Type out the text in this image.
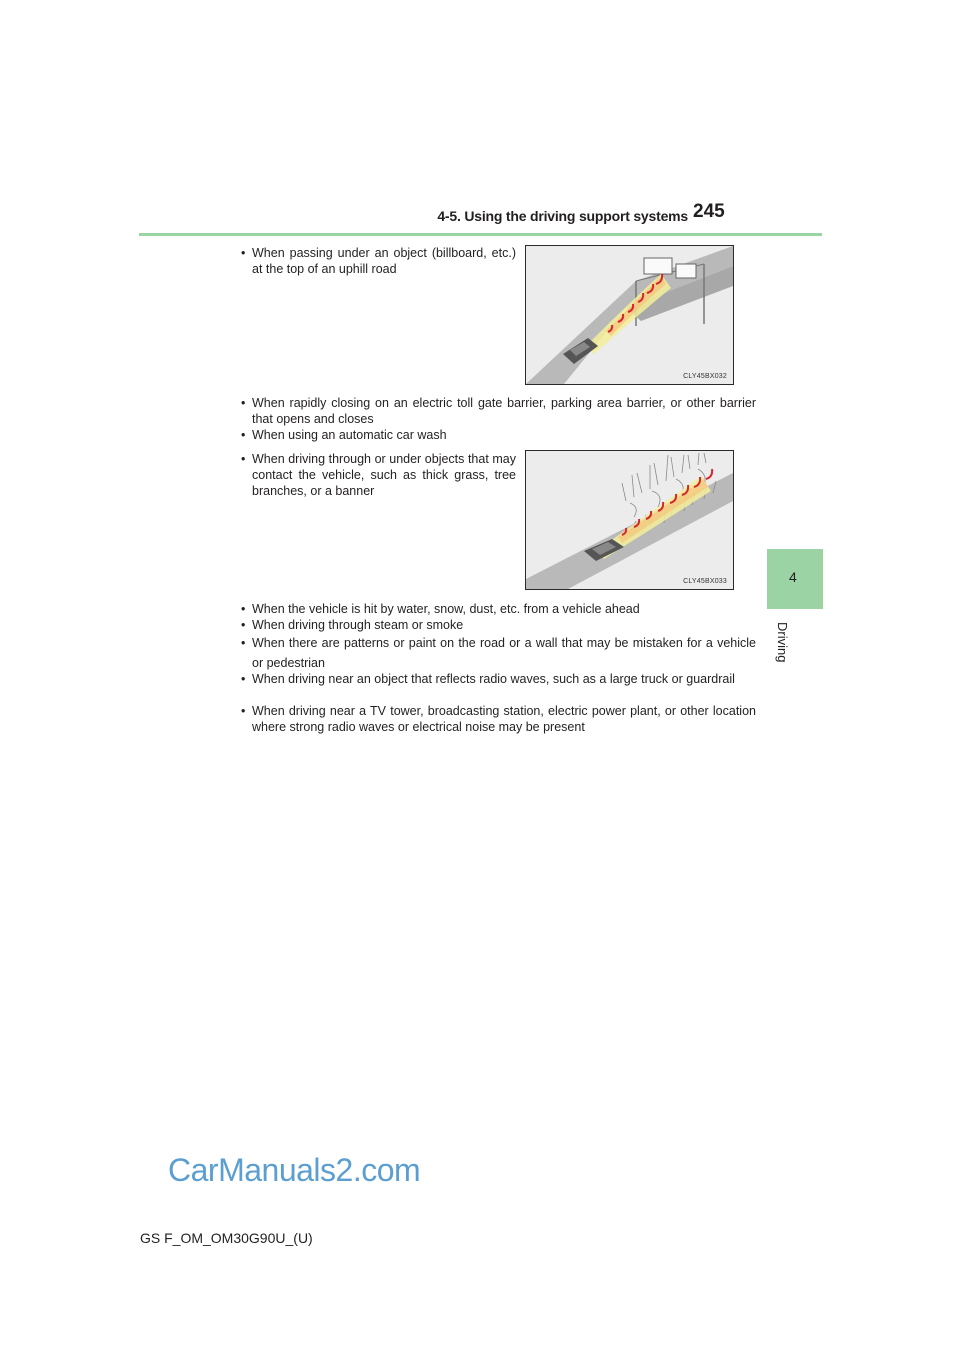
4-5. Using the driving support systems 245
4
Driving
• When passing under an object (billboard, etc.) at the top of an uphill road
CLY45BX032
• When rapidly closing on an electric toll gate barrier, parking area barrier, or other barrier that opens and closes
• When using an automatic car wash
• When driving through or under objects that may contact the vehicle, such as thick grass, tree branches, or a banner
CLY45BX033
• When the vehicle is hit by water, snow, dust, etc. from a vehicle ahead
• When driving through steam or smoke
• When there are patterns or paint on the road or a wall that may be mistaken for a vehicle or pedestrian
• When driving near an object that reflects radio waves, such as a large truck or guardrail
• When driving near a TV tower, broadcasting station, electric power plant, or other location where strong radio waves or electrical noise may be present
CarManuals2.com
GS F_OM_OM30G90U_(U)
